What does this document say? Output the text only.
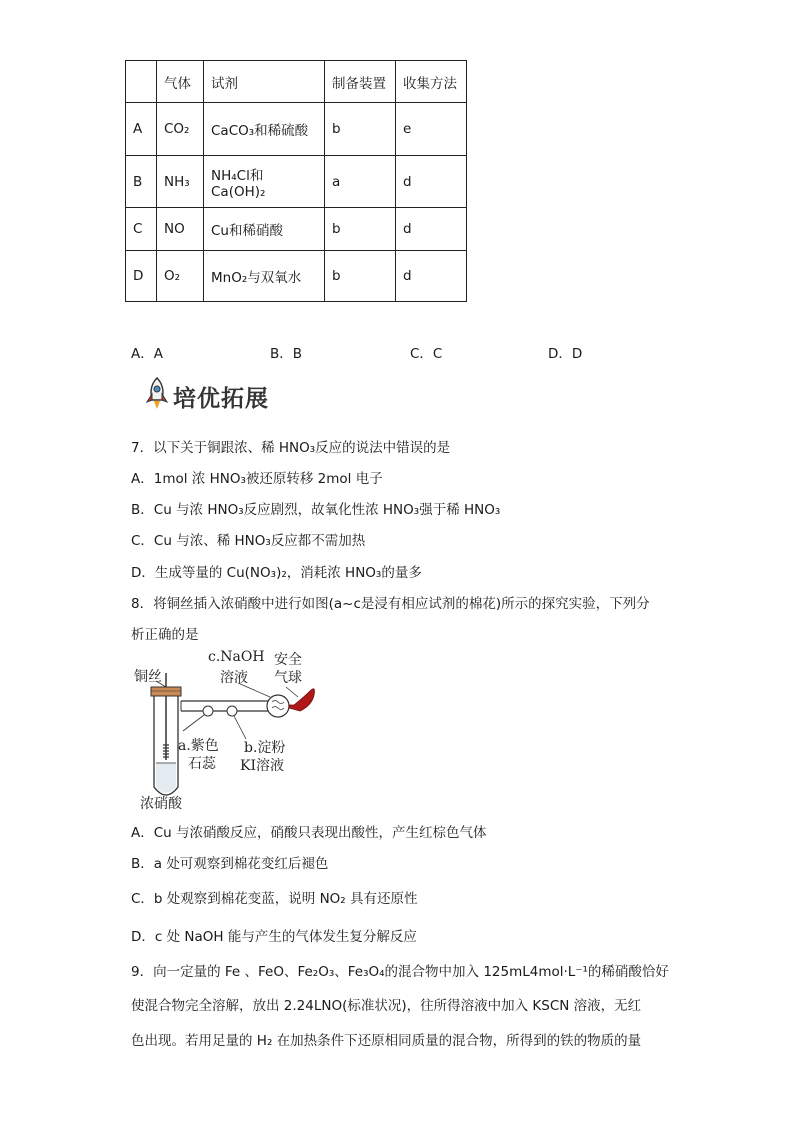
	气体	试剂	制备装置	收集方法
A	CO₂	CaCO₃和稀硫酸	b	e
B	NH₃	NH₄Cl和Ca(OH)₂	a	d
C	NO	Cu和稀硝酸	b	d
D	O₂	MnO₂与双氧水	b	d
A．A	B．B	C．C	D．D
培优拓展
7．以下关于铜跟浓、稀 HNO₃反应的说法中错误的是
A．1mol 浓 HNO₃被还原转移 2mol 电子
B．Cu 与浓 HNO₃反应剧烈，故氧化性浓 HNO₃强于稀 HNO₃
C．Cu 与浓、稀 HNO₃反应都不需加热
D．生成等量的 Cu(NO₃)₂，消耗浓 HNO₃的量多
8．将铜丝插入浓硝酸中进行如图(a~c是浸有相应试剂的棉花)所示的探究实验，下列分
析正确的是
铜丝
c.NaOH
溶液
安全
气球
a.紫色
石蕊
b.淀粉
KI溶液
浓硝酸
A．Cu 与浓硝酸反应，硝酸只表现出酸性，产生红棕色气体
B．a 处可观察到棉花变红后褪色
C．b 处观察到棉花变蓝，说明 NO₂ 具有还原性
D．c 处 NaOH 能与产生的气体发生复分解反应
9．向一定量的 Fe 、FeO、Fe₂O₃、Fe₃O₄的混合物中加入 125mL4mol·L⁻¹的稀硝酸恰好
使混合物完全溶解，放出 2.24LNO(标准状况)，往所得溶液中加入 KSCN 溶液，无红
色出现。若用足量的 H₂ 在加热条件下还原相同质量的混合物，所得到的铁的物质的量
